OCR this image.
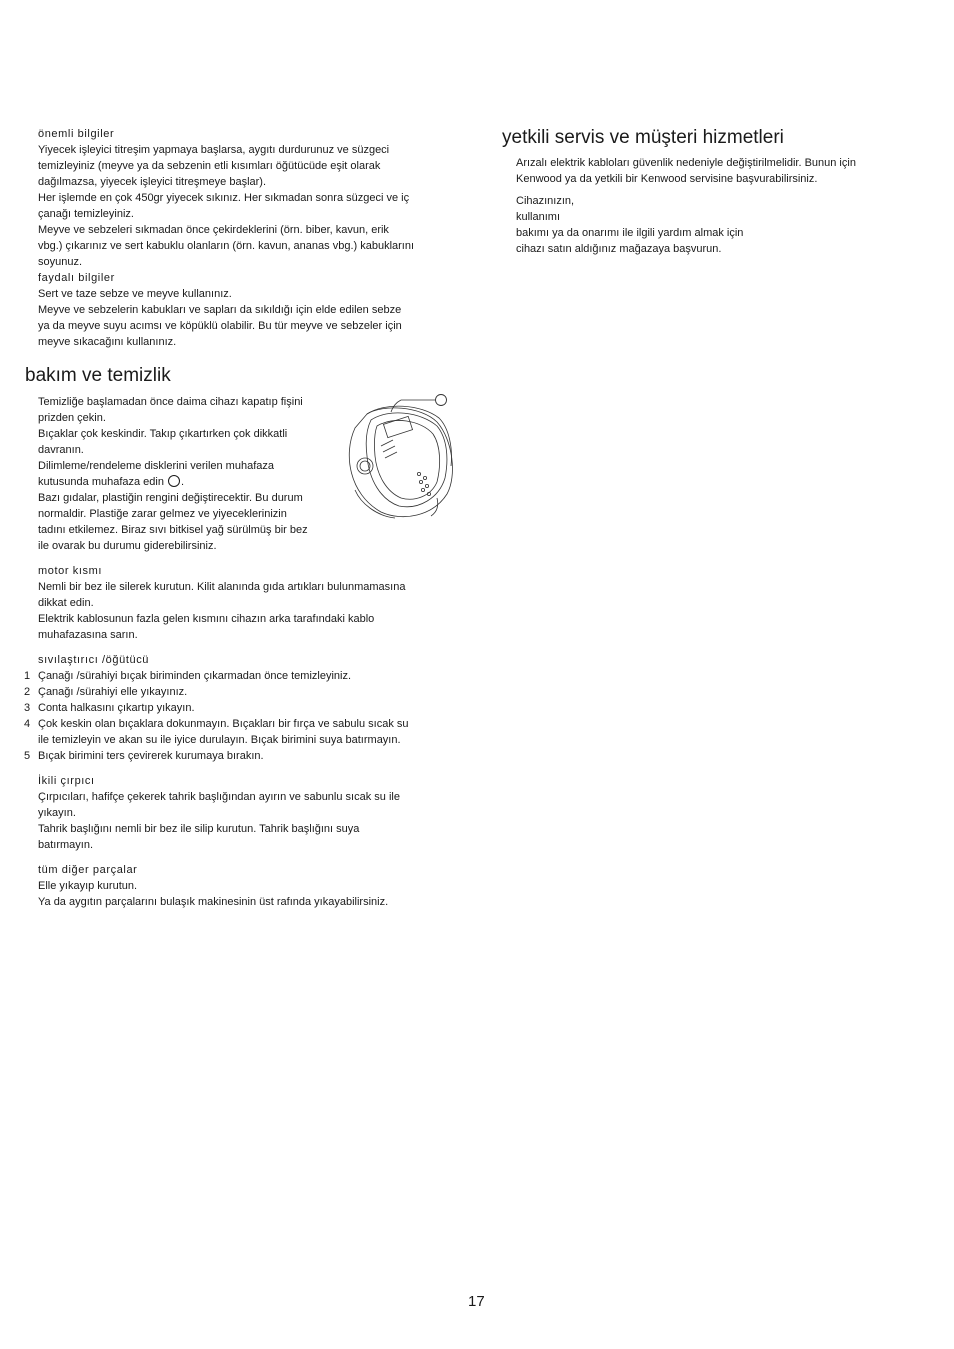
önemli bilgiler

Yiyecek işleyici titreşim yapmaya başlarsa, aygıtı durdurunuz ve süzgeci

temizleyiniz (meyve ya da sebzenin etli kısımları öğütücüde eşit olarak

dağılmazsa, yiyecek işleyici titreşmeye başlar).

Her işlemde en çok 450gr yiyecek sıkınız. Her sıkmadan sonra süzgeci ve iç

çanağı temizleyiniz.

Meyve ve sebzeleri sıkmadan önce çekirdeklerini (örn. biber, kavun, erik

vbg.) çıkarınız ve sert kabuklu olanların (örn. kavun, ananas vbg.) kabuklarını

soyunuz.

faydalı bilgiler

Sert ve taze sebze ve meyve kullanınız.

Meyve ve sebzelerin kabukları ve sapları da sıkıldığı için elde edilen sebze

ya da meyve suyu acımsı ve köpüklü olabilir. Bu tür meyve ve sebzeler için

meyve sıkacağını kullanınız.

bakım ve temizlik

Temizliğe başlamadan önce daima cihazı kapatıp fişini

prizden çekin.

Bıçaklar çok keskindir. Takıp çıkartırken çok dikkatli

davranın.

Dilimleme/rendeleme disklerini verilen muhafaza

kutusunda muhafaza edin .

Bazı gıdalar, plastiğin rengini değiştirecektir. Bu durum

normaldir. Plastiğe zarar gelmez ve yiyeceklerinizin

tadını etkilemez. Biraz sıvı bitkisel yağ sürülmüş bir bez

ile ovarak bu durumu giderebilirsiniz.

motor kısmı

Nemli bir bez ile silerek kurutun. Kilit alanında gıda artıkları bulunmamasına

dikkat edin.

Elektrik kablosunun fazla gelen kısmını cihazın arka tarafındaki kablo

muhafazasına sarın.

sıvılaştırıcı /öğütücü

1 Çanağı /sürahiyi bıçak biriminden çıkarmadan önce temizleyiniz.
2 Çanağı /sürahiyi elle yıkayınız.
3 Conta halkasını çıkartıp yıkayın.
4 Çok keskin olan bıçaklara dokunmayın. Bıçakları bir fırça ve sabulu sıcak su
ile temizleyin ve akan su ile iyice durulayın. Bıçak birimini suya batırmayın.
5 Bıçak birimini ters çevirerek kurumaya bırakın.

İkili çırpıcı

Çırpıcıları, hafifçe çekerek tahrik başlığından ayırın ve sabunlu sıcak su ile

yıkayın.

Tahrik başlığını nemli bir bez ile silip kurutun. Tahrik başlığını suya

batırmayın.

tüm diğer parçalar

Elle yıkayıp kurutun.

Ya da aygıtın parçalarını bulaşık makinesinin üst rafında yıkayabilirsiniz.

yetkili servis ve müşteri hizmetleri

Arızalı elektrik kabloları güvenlik nedeniyle değiştirilmelidir. Bunun için

Kenwood ya da yetkili bir Kenwood servisine başvurabilirsiniz.

Cihazınızın,

kullanımı

bakımı ya da onarımı ile ilgili yardım almak için

cihazı satın aldığınız mağazaya başvurun.

17
